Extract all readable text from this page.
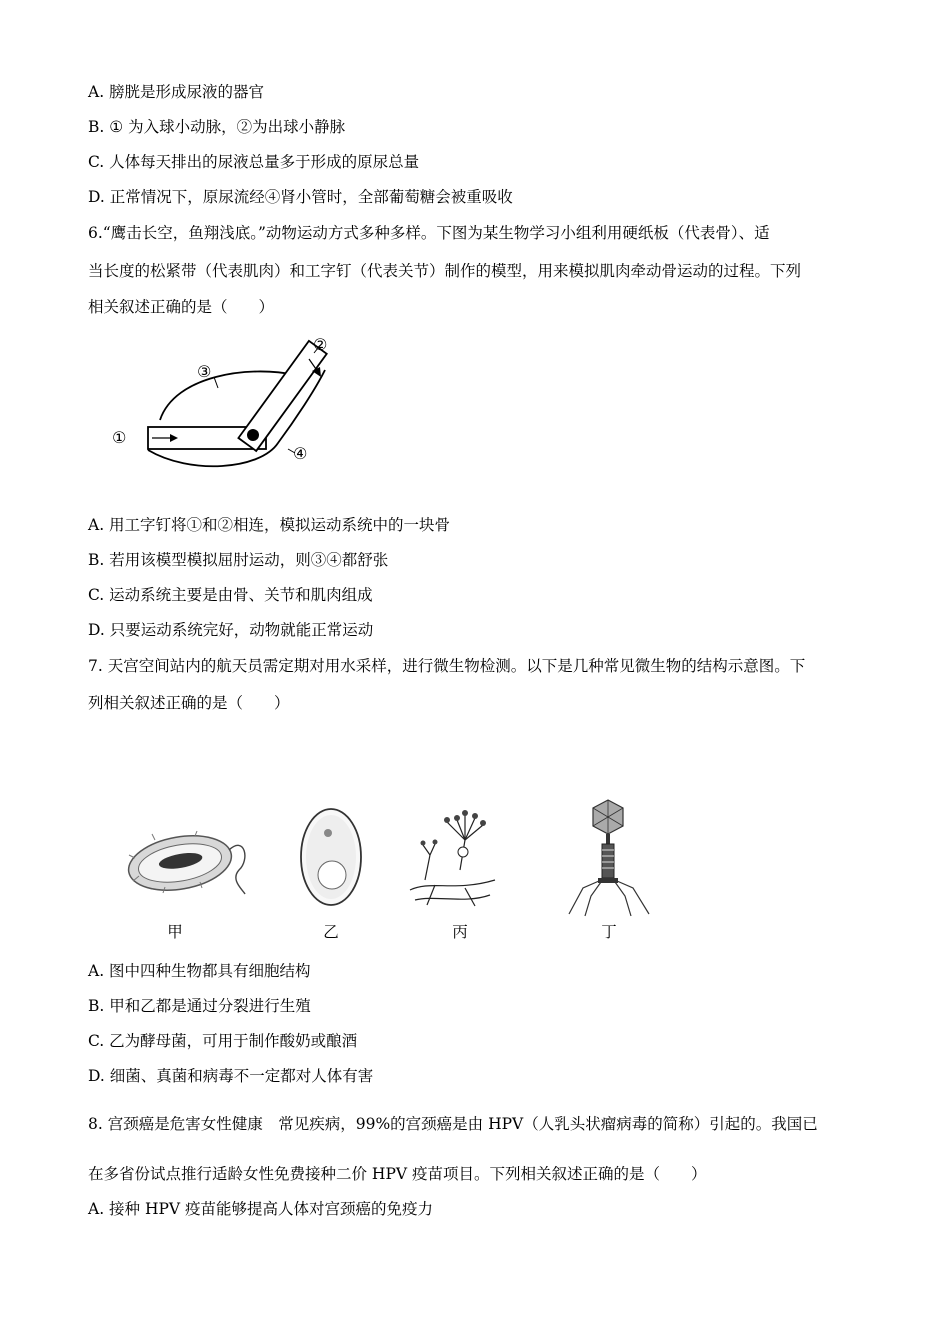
A. 膀胱是形成尿液的器官
B. ① 为入球小动脉，②为出球小静脉
C. 人体每天排出的尿液总量多于形成的原尿总量
D. 正常情况下，原尿流经④肾小管时，全部葡萄糖会被重吸收
6.“鹰击长空，鱼翔浅底。”动物运动方式多种多样。下图为某生物学习小组利用硬纸板（代表骨）、适
当长度的松紧带（代表肌肉）和工字钉（代表关节）制作的模型，用来模拟肌肉牵动骨运动的过程。下列
相关叙述正确的是（　　）
①
③
②
④
A. 用工字钉将①和②相连，模拟运动系统中的一块骨
B. 若用该模型模拟屈肘运动，则③④都舒张
C. 运动系统主要是由骨、关节和肌肉组成
D. 只要运动系统完好，动物就能正常运动
7. 天宫空间站内的航天员需定期对用水采样，进行微生物检测。以下是几种常见微生物的结构示意图。下
列相关叙述正确的是（　　）
甲	乙	丙	丁
A. 图中四种生物都具有细胞结构
B. 甲和乙都是通过分裂进行生殖
C. 乙为酵母菌，可用于制作酸奶或酿酒
D. 细菌、真菌和病毒不一定都对人体有害
8. 宫颈癌是危害女性健康　常见疾病，99%的宫颈癌是由 HPV（人乳头状瘤病毒的简称）引起的。我国已
在多省份试点推行适龄女性免费接种二价 HPV 疫苗项目。下列相关叙述正确的是（　　）
A. 接种 HPV 疫苗能够提高人体对宫颈癌的免疫力
